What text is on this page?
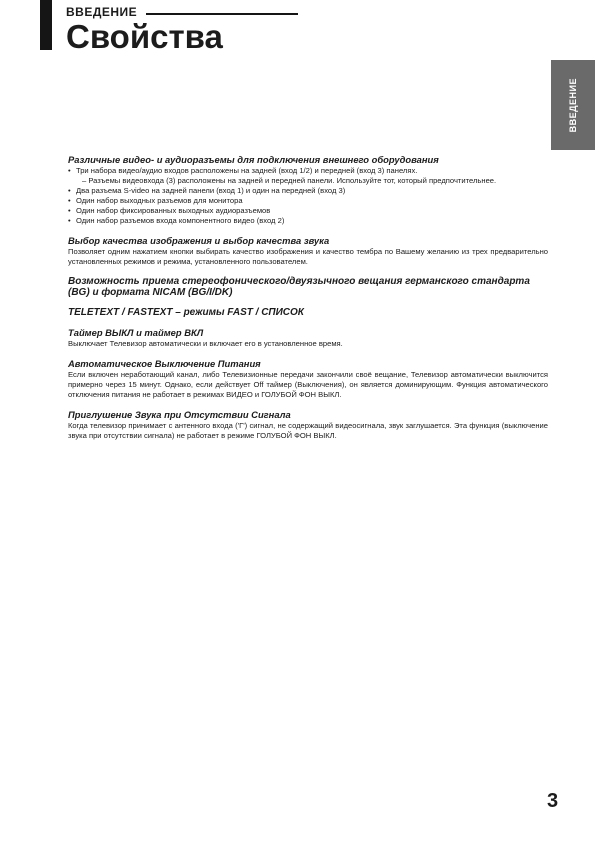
ВВЕДЕНИЕ
Свойства
ВВЕДЕНИЕ
Различные видео- и аудиоразъемы для подключения внешнего оборудования
• Три набора видео/аудио входов расположены на задней (вход 1/2) и передней (вход 3) панелях.
– Разъемы видеовхода (3) расположены на задней и передней панели. Используйте тот, который предпочтительнее.
• Два разъема S-video на задней панели (вход 1) и один на передней (вход 3)
• Один набор выходных разъемов для монитора
• Один набор фиксированных выходных аудиоразъемов
• Один набор разъемов входа компонентного видео (вход 2)
Выбор качества изображения и выбор качества звука

Позволяет одним нажатием кнопки выбирать качество изображения и качество тембра по Вашему желанию из трех предварительно установленных режимов и режима, установленного пользователем.

Возможность приема стереофонического/двуязычного вещания германского стандарта (BG) и формата NICAM (BG/I/DK)
TELETEXT / FASTEXT – режимы FAST / СПИСОК
Таймер ВЫКЛ и таймер ВКЛ

Выключает Телевизор автоматически и включает его в установленное время.

Автоматическое Выключение Питания

Если включен неработающий канал, либо Телевизионные передачи закончили своё вещание, Телевизор автоматически выключится примерно через 15 минут. Однако, если действует Off таймер (Выключения), он является доминирующим. Функция автоматического отключения питания не работает в режимах ВИДЕО и ГОЛУБОЙ ФОН ВЫКЛ.

Приглушение Звука при Отсутствии Сигнала

Когда телевизор принимает с антенного входа ('Г') сигнал, не содержащий видеосигнала, звук заглушается. Эта функция (выключение звука при отсутствии сигнала) не работает в режиме ГОЛУБОЙ ФОН ВЫКЛ.

3
